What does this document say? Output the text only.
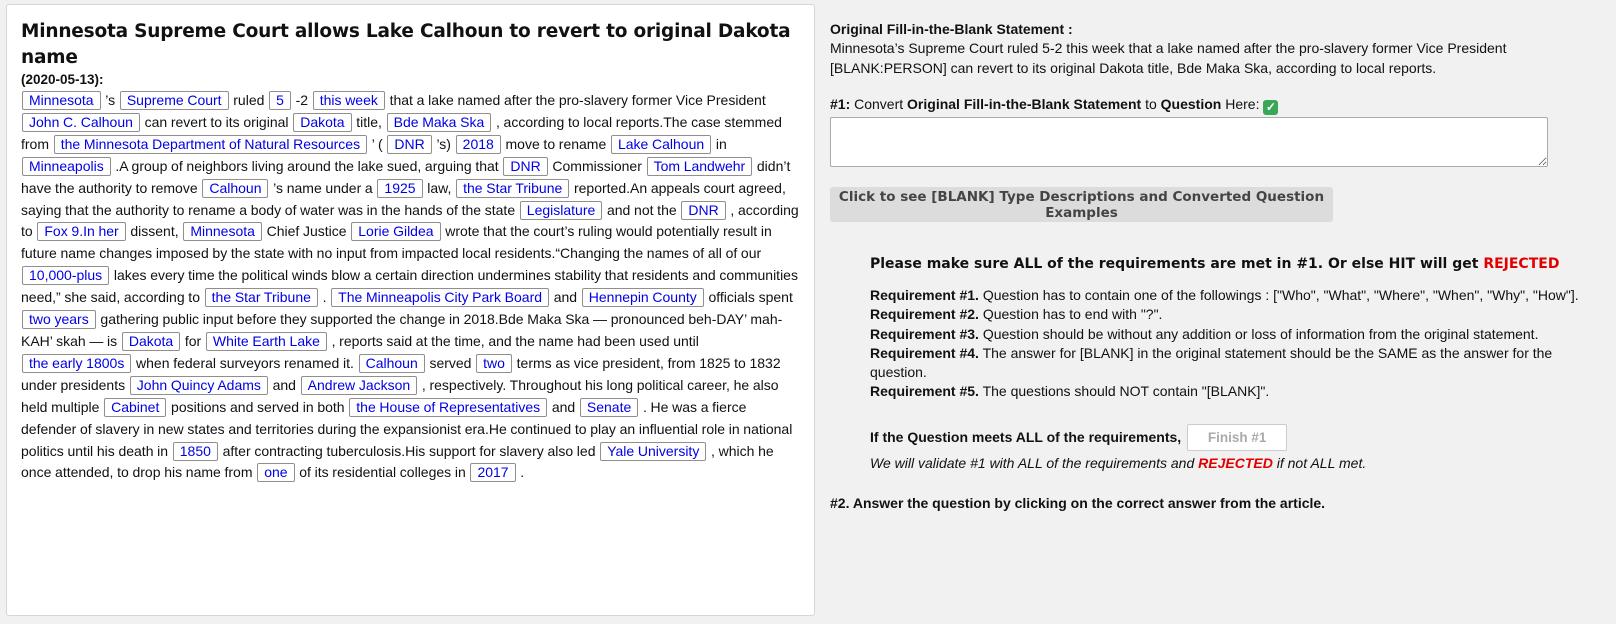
Minnesota Supreme Court allows Lake Calhoun to revert to original Dakota name
(2020-05-13):
Minnesota ’s Supreme Court ruled 5 -2 this week that a lake named after the pro-slavery former Vice President John C. Calhoun can revert to its original Dakota title, Bde Maka Ska , according to local reports.The case stemmed from the Minnesota Department of Natural Resources ’ ( DNR ’s) 2018 move to rename Lake Calhoun in Minneapolis .A group of neighbors living around the lake sued, arguing that DNR Commissioner Tom Landwehr didn’t have the authority to remove Calhoun ’s name under a 1925 law, the Star Tribune reported.An appeals court agreed, saying that the authority to rename a body of water was in the hands of the state Legislature and not the DNR , according to Fox 9.In her dissent, Minnesota Chief Justice Lorie Gildea wrote that the court’s ruling would potentially result in future name changes imposed by the state with no input from impacted local residents.“Changing the names of all of our 10,000-plus lakes every time the political winds blow a certain direction undermines stability that residents and communities need,” she said, according to the Star Tribune . The Minneapolis City Park Board and Hennepin County officials spent two years gathering public input before they supported the change in 2018.Bde Maka Ska — pronounced beh-DAY’ mah-KAH’ skah — is Dakota for White Earth Lake , reports said at the time, and the name had been used until the early 1800s when federal surveyors renamed it. Calhoun served two terms as vice president, from 1825 to 1832 under presidents John Quincy Adams and Andrew Jackson , respectively. Throughout his long political career, he also held multiple Cabinet positions and served in both the House of Representatives and Senate . He was a fierce defender of slavery in new states and territories during the expansionist era.He continued to play an influential role in national politics until his death in 1850 after contracting tuberculosis.His support for slavery also led Yale University , which he once attended, to drop his name from one of its residential colleges in 2017 .
Original Fill-in-the-Blank Statement :
Minnesota’s Supreme Court ruled 5-2 this week that a lake named after the pro-slavery former Vice President [BLANK:PERSON] can revert to its original Dakota title, Bde Maka Ska, according to local reports.
#1: Convert Original Fill-in-the-Blank Statement to Question Here: ✓
Click to see [BLANK] Type Descriptions and Converted Question Examples
Please make sure ALL of the requirements are met in #1. Or else HIT will get REJECTED
Requirement #1. Question has to contain one of the followings : ["Who", "What", "Where", "When", "Why", "How"].
Requirement #2. Question has to end with "?".
Requirement #3. Question should be without any addition or loss of information from the original statement.
Requirement #4. The answer for [BLANK] in the original statement should be the SAME as the answer for the question.
Requirement #5. The questions should NOT contain "[BLANK]".
If the Question meets ALL of the requirements,	Finish #1
We will validate #1 with ALL of the requirements and REJECTED if not ALL met.
#2. Answer the question by clicking on the correct answer from the article.
